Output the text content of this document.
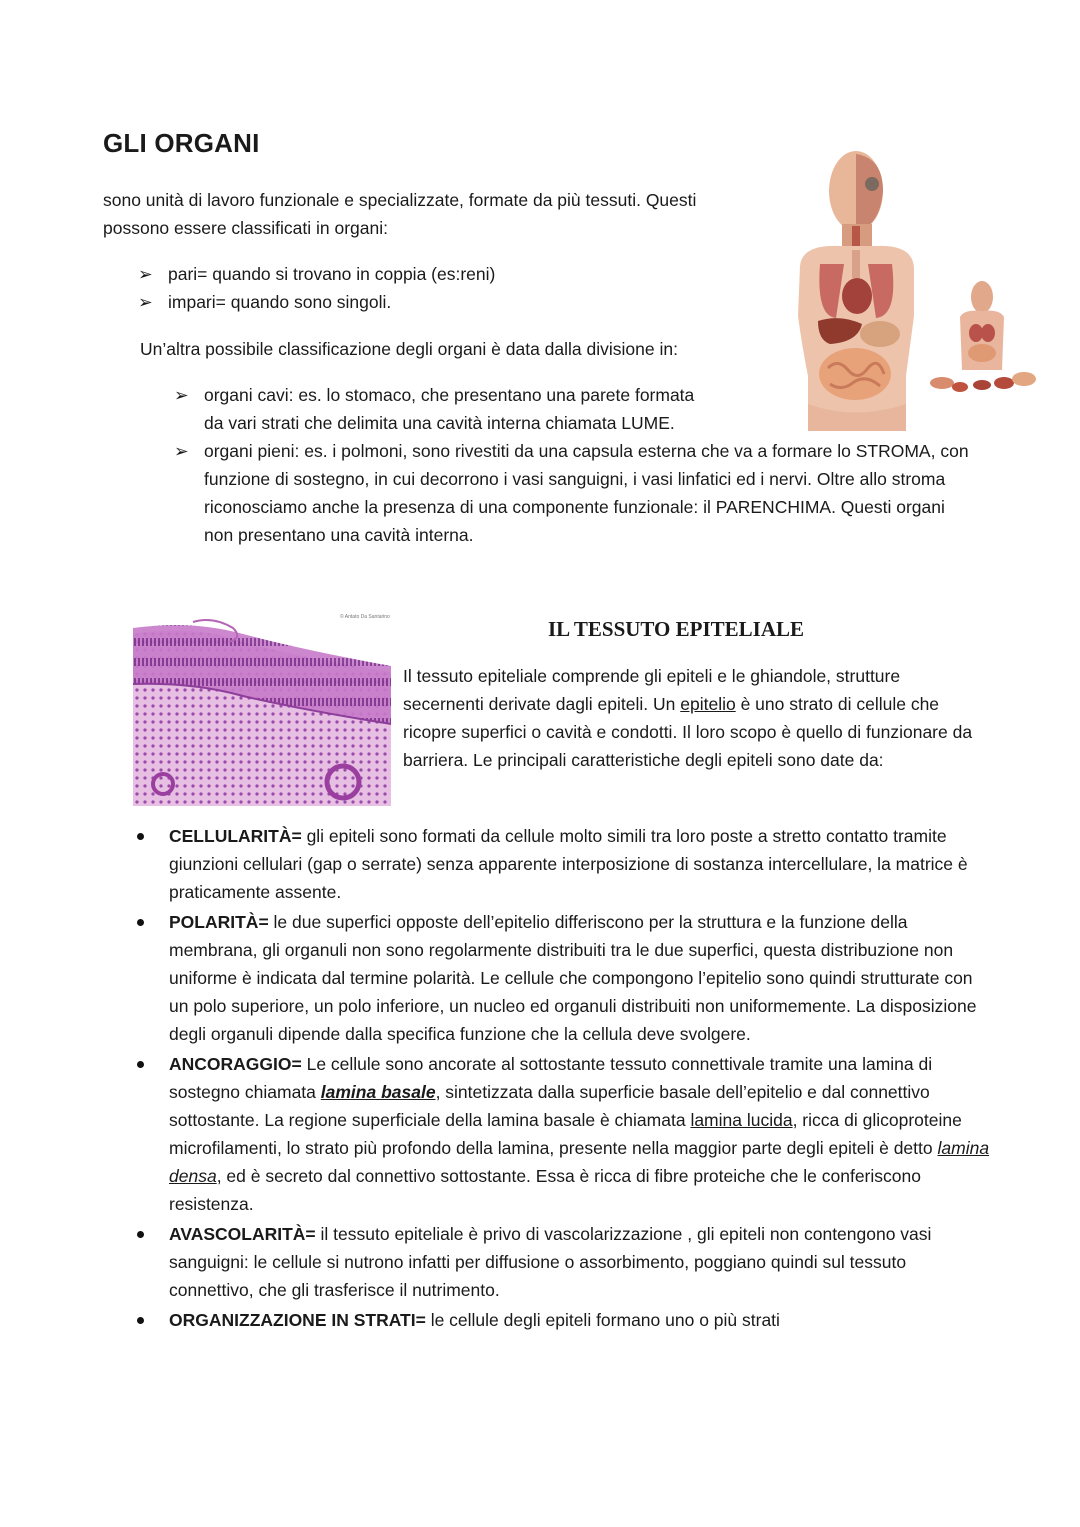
GLI ORGANI

sono unità di lavoro funzionale e specializzate, formate da più tessuti. Questi
possono essere classificati in organi:

➢ pari= quando si trovano in coppia (es:reni)
➢ impari= quando sono singoli.

Un’altra possibile classificazione degli organi è data dalla divisione in:

➢ organi cavi: es. lo stomaco, che presentano una parete formata
da vari strati che delimita una cavità interna chiamata LUME.
➢ organi pieni: es. i polmoni, sono rivestiti da una capsula esterna che va a formare lo STROMA, con funzione di sostegno, in cui decorrono i vasi sanguigni, i vasi linfatici ed i nervi. Oltre allo stroma riconosciamo anche la presenza di una componente funzionale: il PARENCHIMA. Questi organi non presentano una cavità interna.
© Antato Da Santarino	IL TESSUTO EPITELIALE

Il tessuto epiteliale comprende gli epiteli e le ghiandole, strutture secernenti derivate dagli epiteli. Un epitelio è uno strato di cellule che ricopre superfici o cavità e condotti. Il loro scopo è quello di funzionare da barriera. Le principali caratteristiche degli epiteli sono date da:

CELLULARITÀ= gli epiteli sono formati da cellule molto simili tra loro poste a stretto contatto tramite giunzioni cellulari (gap o serrate) senza apparente interposizione di sostanza intercellulare, la matrice è praticamente assente.
POLARITÀ= le due superfici opposte dell’epitelio differiscono per la struttura e la funzione della membrana, gli organuli non sono regolarmente distribuiti tra le due superfici, questa distribuzione non uniforme è indicata dal termine polarità. Le cellule che compongono l’epitelio sono quindi strutturate con un polo superiore, un polo inferiore, un nucleo ed organuli distribuiti non uniformemente. La disposizione degli organuli dipende dalla specifica funzione che la cellula deve svolgere.
ANCORAGGIO= Le cellule sono ancorate al sottostante tessuto connettivale tramite una lamina di sostegno chiamata lamina basale, sintetizzata dalla superficie basale dell’epitelio e dal connettivo sottostante. La regione superficiale della lamina basale è chiamata lamina lucida, ricca di glicoproteine microfilamenti, lo strato più profondo della lamina, presente nella maggior parte degli epiteli è detto lamina densa, ed è secreto dal connettivo sottostante. Essa è ricca di fibre proteiche che le conferiscono resistenza.
AVASCOLARITÀ= il tessuto epiteliale è privo di vascolarizzazione , gli epiteli non contengono vasi sanguigni: le cellule si nutrono infatti per diffusione o assorbimento, poggiano quindi sul tessuto connettivo, che gli trasferisce il nutrimento.
ORGANIZZAZIONE IN STRATI= le cellule degli epiteli formano uno o più strati
